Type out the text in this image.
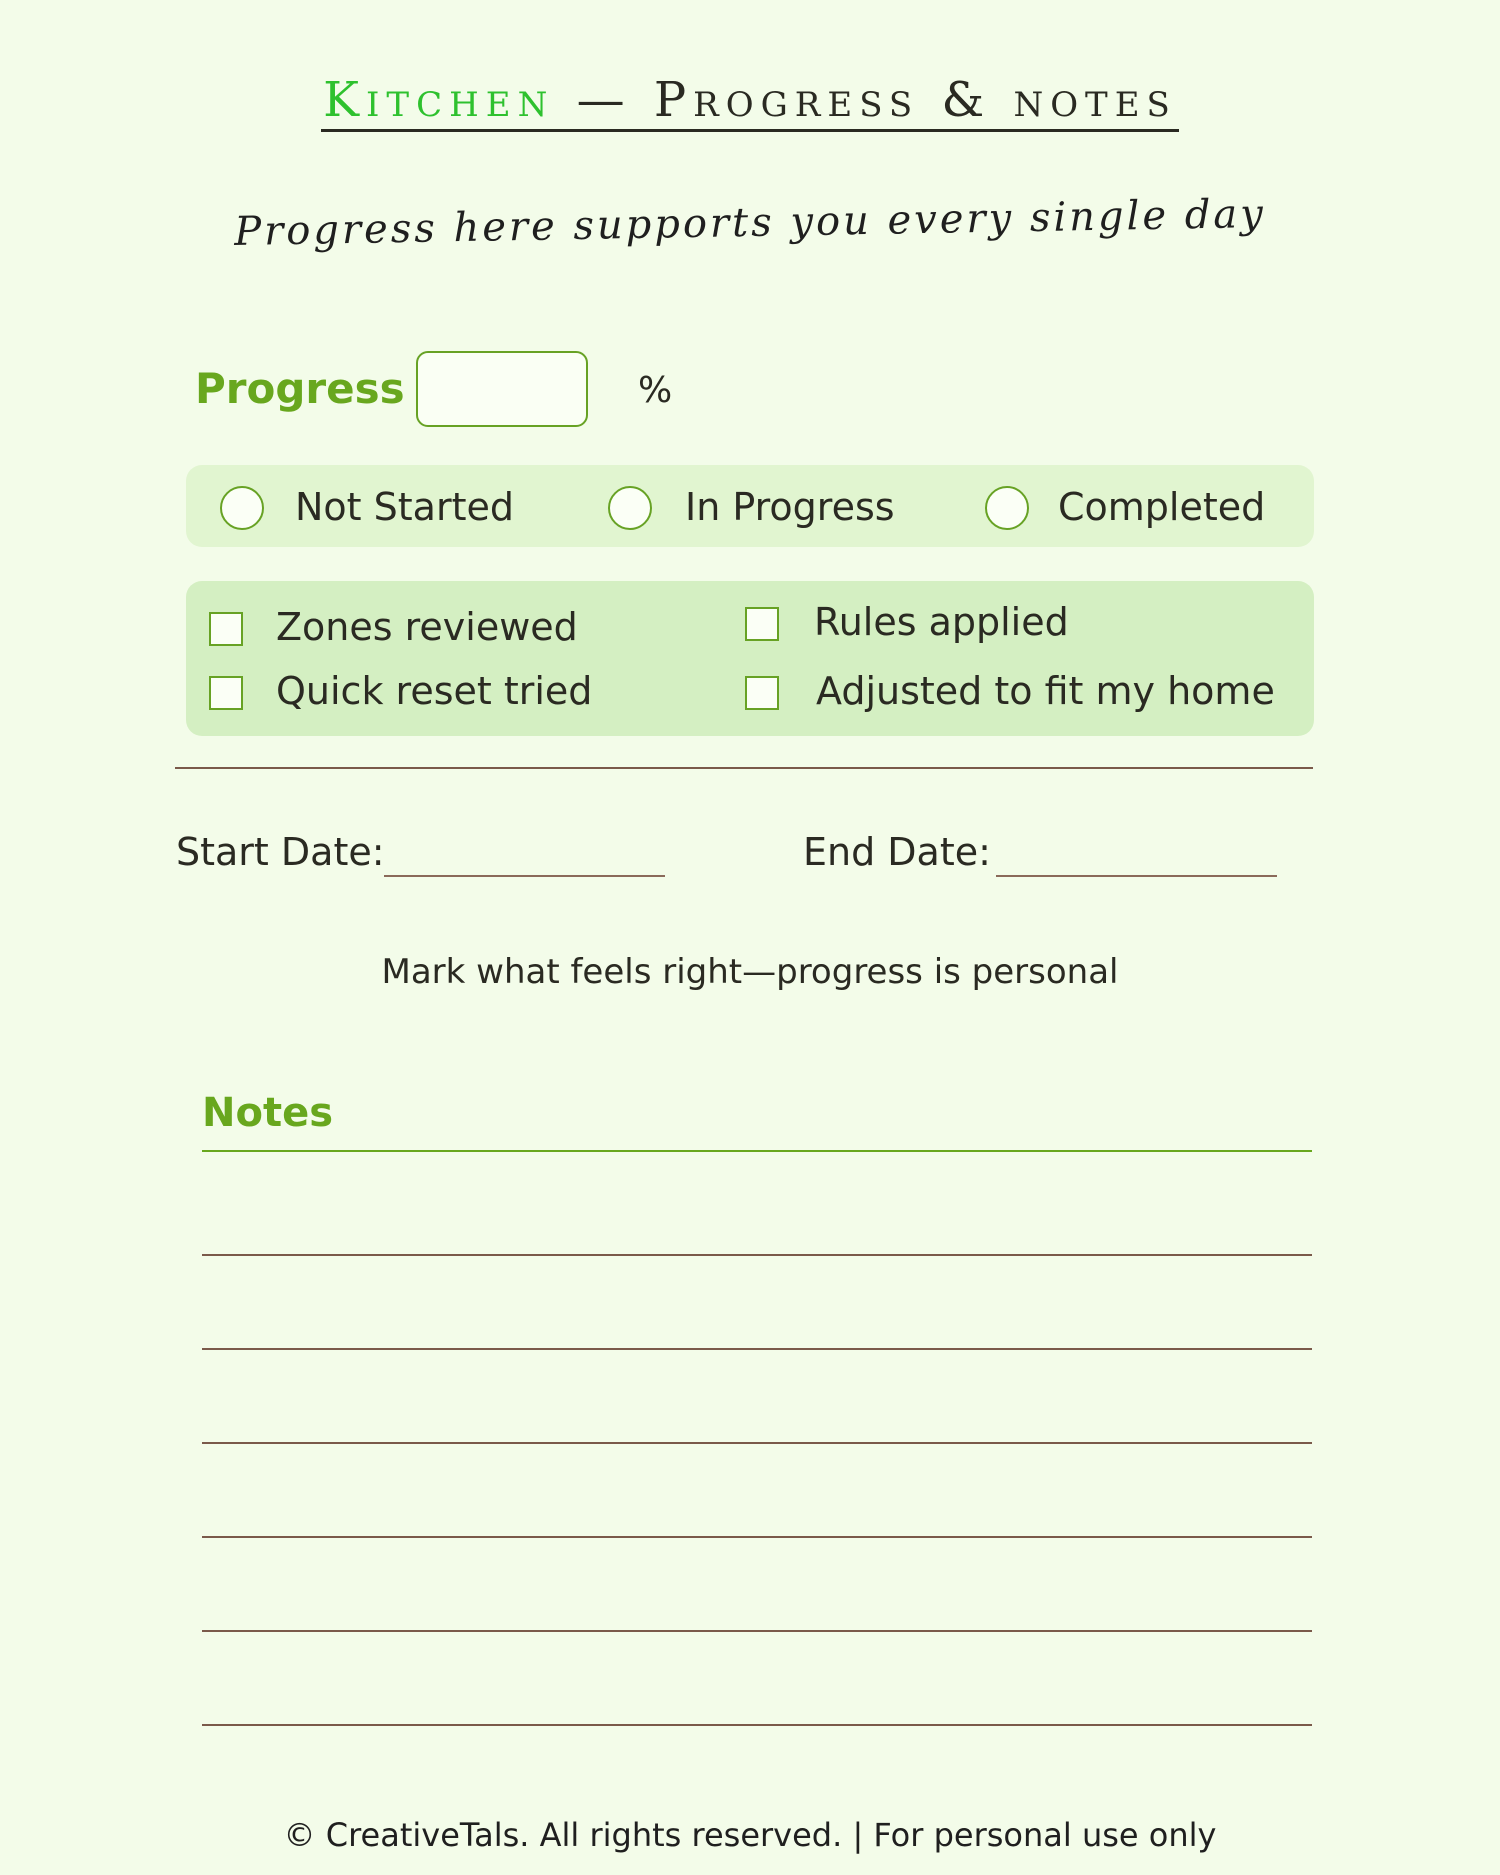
Kitchen — Progress & notes
Progress here supports you every single day
Progress	%
Not Started	In Progress	Completed
Zones reviewed	Rules applied
Quick reset tried	Adjusted to fit my home
Start Date:	End Date:
Mark what feels right—progress is personal
Notes
© CreativeTals. All rights reserved. | For personal use only
